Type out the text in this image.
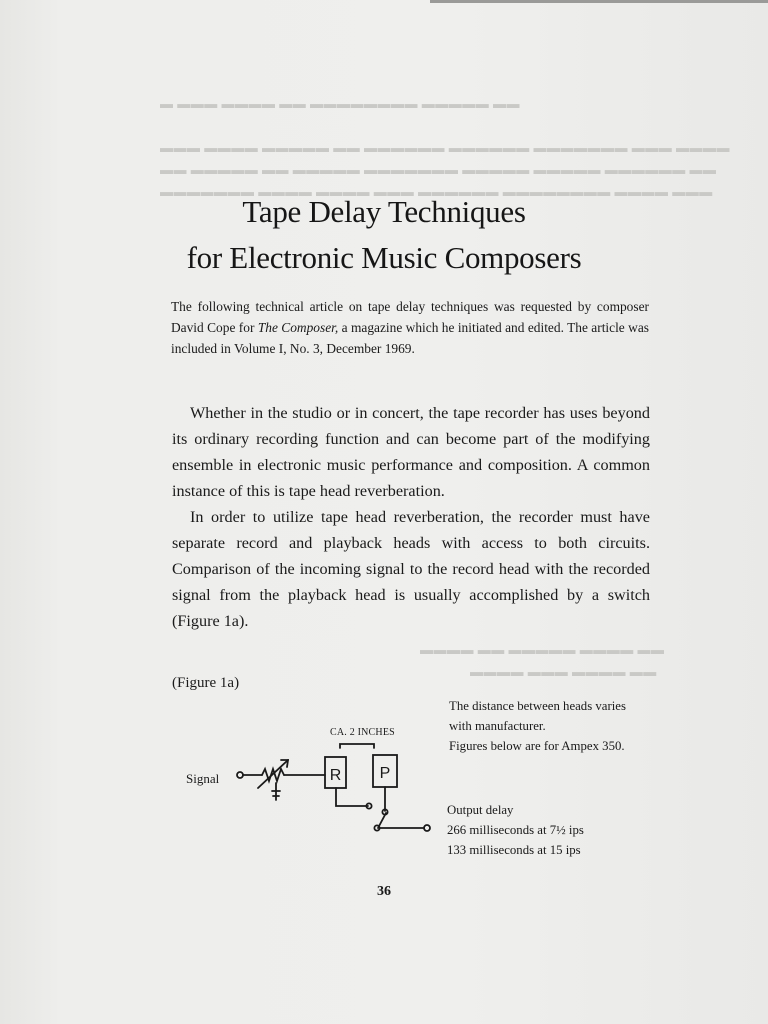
▬ ▬▬▬ ▬▬▬▬ ▬▬ ▬▬▬▬▬▬▬▬ ▬▬▬▬▬ ▬▬
▬▬▬ ▬▬▬▬ ▬▬▬▬▬ ▬▬ ▬▬▬▬▬▬ ▬▬▬▬▬▬ ▬▬▬▬▬▬▬ ▬▬▬ ▬▬▬▬
▬▬ ▬▬▬▬▬ ▬▬ ▬▬▬▬▬ ▬▬▬▬▬▬▬ ▬▬▬▬▬ ▬▬▬▬▬ ▬▬▬▬▬▬ ▬▬
▬▬▬▬▬▬▬ ▬▬▬▬ ▬▬▬▬ ▬▬▬ ▬▬▬▬▬▬ ▬▬▬▬▬▬▬▬ ▬▬▬▬ ▬▬▬
▬▬▬▬ ▬▬ ▬▬▬▬▬ ▬▬▬▬ ▬▬
▬▬▬▬ ▬▬▬ ▬▬▬▬ ▬▬
Tape Delay Techniques
for Electronic Music Composers
The following technical article on tape delay techniques was requested by composer David Cope for The Composer, a magazine which he initiated and edited. The article was included in Volume I, No. 3, December 1969.

Whether in the studio or in concert, the tape recorder has uses beyond its ordinary recording function and can become part of the modifying ensemble in electronic music performance and composition. A common instance of this is tape head reverberation.

In order to utilize tape head reverberation, the recorder must have separate record and playback heads with access to both circuits. Comparison of the incoming signal to the record head with the recorded signal from the playback head is usually accomplished by a switch (Figure 1a).

(Figure 1a)
The distance between heads varies
with manufacturer.
Figures below are for Ampex 350.
CA. 2 INCHES
Signal	R P
Output delay
266 milliseconds at 7½ ips
133 milliseconds at 15 ips
36
